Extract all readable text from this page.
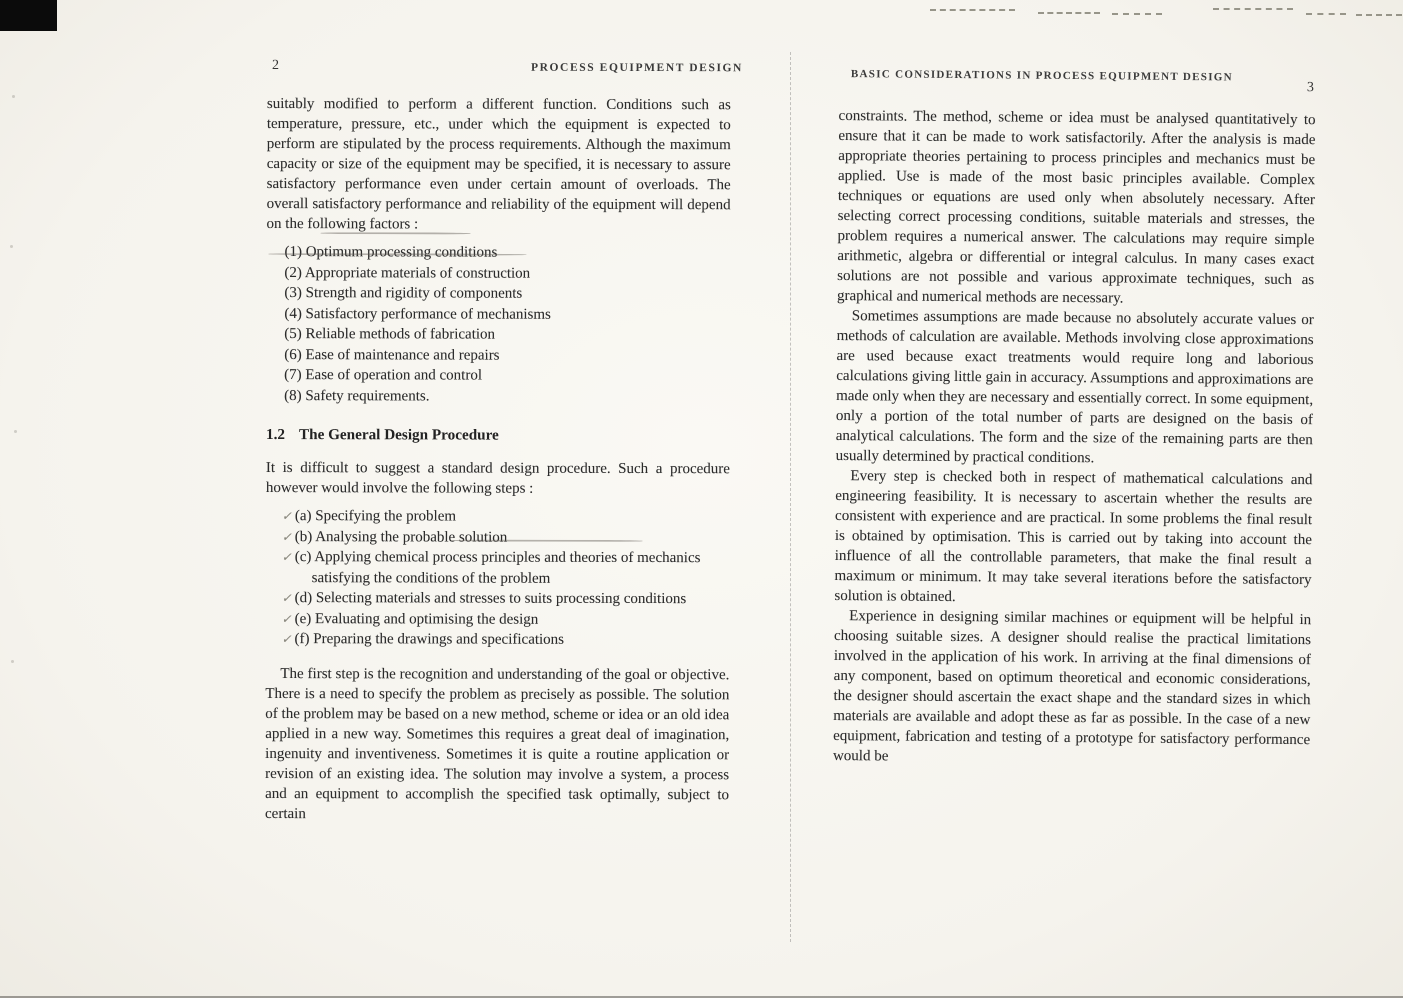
2	PROCESS EQUIPMENT DESIGN

suitably modified to perform a different function. Conditions such as temperature, pressure, etc., under which the equipment is expected to perform are stipulated by the process requirements. Although the maximum capacity or size of the equipment may be specified, it is necessary to assure satisfactory performance even under certain amount of overloads. The overall satisfactory performance and reliability of the equipment will depend on the following factors :

(1) Optimum processing conditions
(2) Appropriate materials of construction
(3) Strength and rigidity of components
(4) Satisfactory performance of mechanisms
(5) Reliable methods of fabrication
(6) Ease of maintenance and repairs
(7) Ease of operation and control
(8) Safety requirements.
1.2 The General Design Procedure

It is difficult to suggest a standard design procedure. Such a procedure however would involve the following steps :

✓ (a) Specifying the problem
✓ (b) Analysing the probable solution
✓ (c) Applying chemical process principles and theories of mechanics satisfying the conditions of the problem
✓ (d) Selecting materials and stresses to suits processing conditions
✓ (e) Evaluating and optimising the design
✓ (f) Preparing the drawings and specifications

The first step is the recognition and understanding of the goal or objective. There is a need to specify the problem as precisely as possible. The solution of the problem may be based on a new method, scheme or idea or an old idea applied in a new way. Sometimes this requires a great deal of imagination, ingenuity and inventiveness. Sometimes it is quite a routine application or revision of an existing idea. The solution may involve a system, a process and an equipment to accomplish the specified task optimally, subject to certain

BASIC CONSIDERATIONS IN PROCESS EQUIPMENT DESIGN
3

constraints. The method, scheme or idea must be analysed quantitatively to ensure that it can be made to work satisfactorily. After the analysis is made appropriate theories pertaining to process principles and mechanics must be applied. Use is made of the most basic principles available. Complex techniques or equations are used only when absolutely necessary. After selecting correct processing conditions, suitable materials and stresses, the problem requires a numerical answer. The calculations may require simple arithmetic, algebra or differential or integral calculus. In many cases exact solutions are not possible and various approximate techniques, such as graphical and numerical methods are necessary.

Sometimes assumptions are made because no absolutely accurate values or methods of calculation are available. Methods involving close approximations are used because exact treatments would require long and laborious calculations giving little gain in accuracy. Assumptions and approximations are made only when they are necessary and essentially correct. In some equipment, only a portion of the total number of parts are designed on the basis of analytical calculations. The form and the size of the remaining parts are then usually determined by practical conditions.

Every step is checked both in respect of mathematical calculations and engineering feasibility. It is necessary to ascertain whether the results are consistent with experience and are practical. In some problems the final result is obtained by optimisation. This is carried out by taking into account the influence of all the controllable parameters, that make the final result a maximum or minimum. It may take several iterations before the satisfactory solution is obtained.

Experience in designing similar machines or equipment will be helpful in choosing suitable sizes. A designer should realise the practical limitations involved in the application of his work. In arriving at the final dimensions of any component, based on optimum theoretical and economic considerations, the designer should ascertain the exact shape and the standard sizes in which materials are available and adopt these as far as possible. In the case of a new equipment, fabrication and testing of a prototype for satisfactory performance would be
